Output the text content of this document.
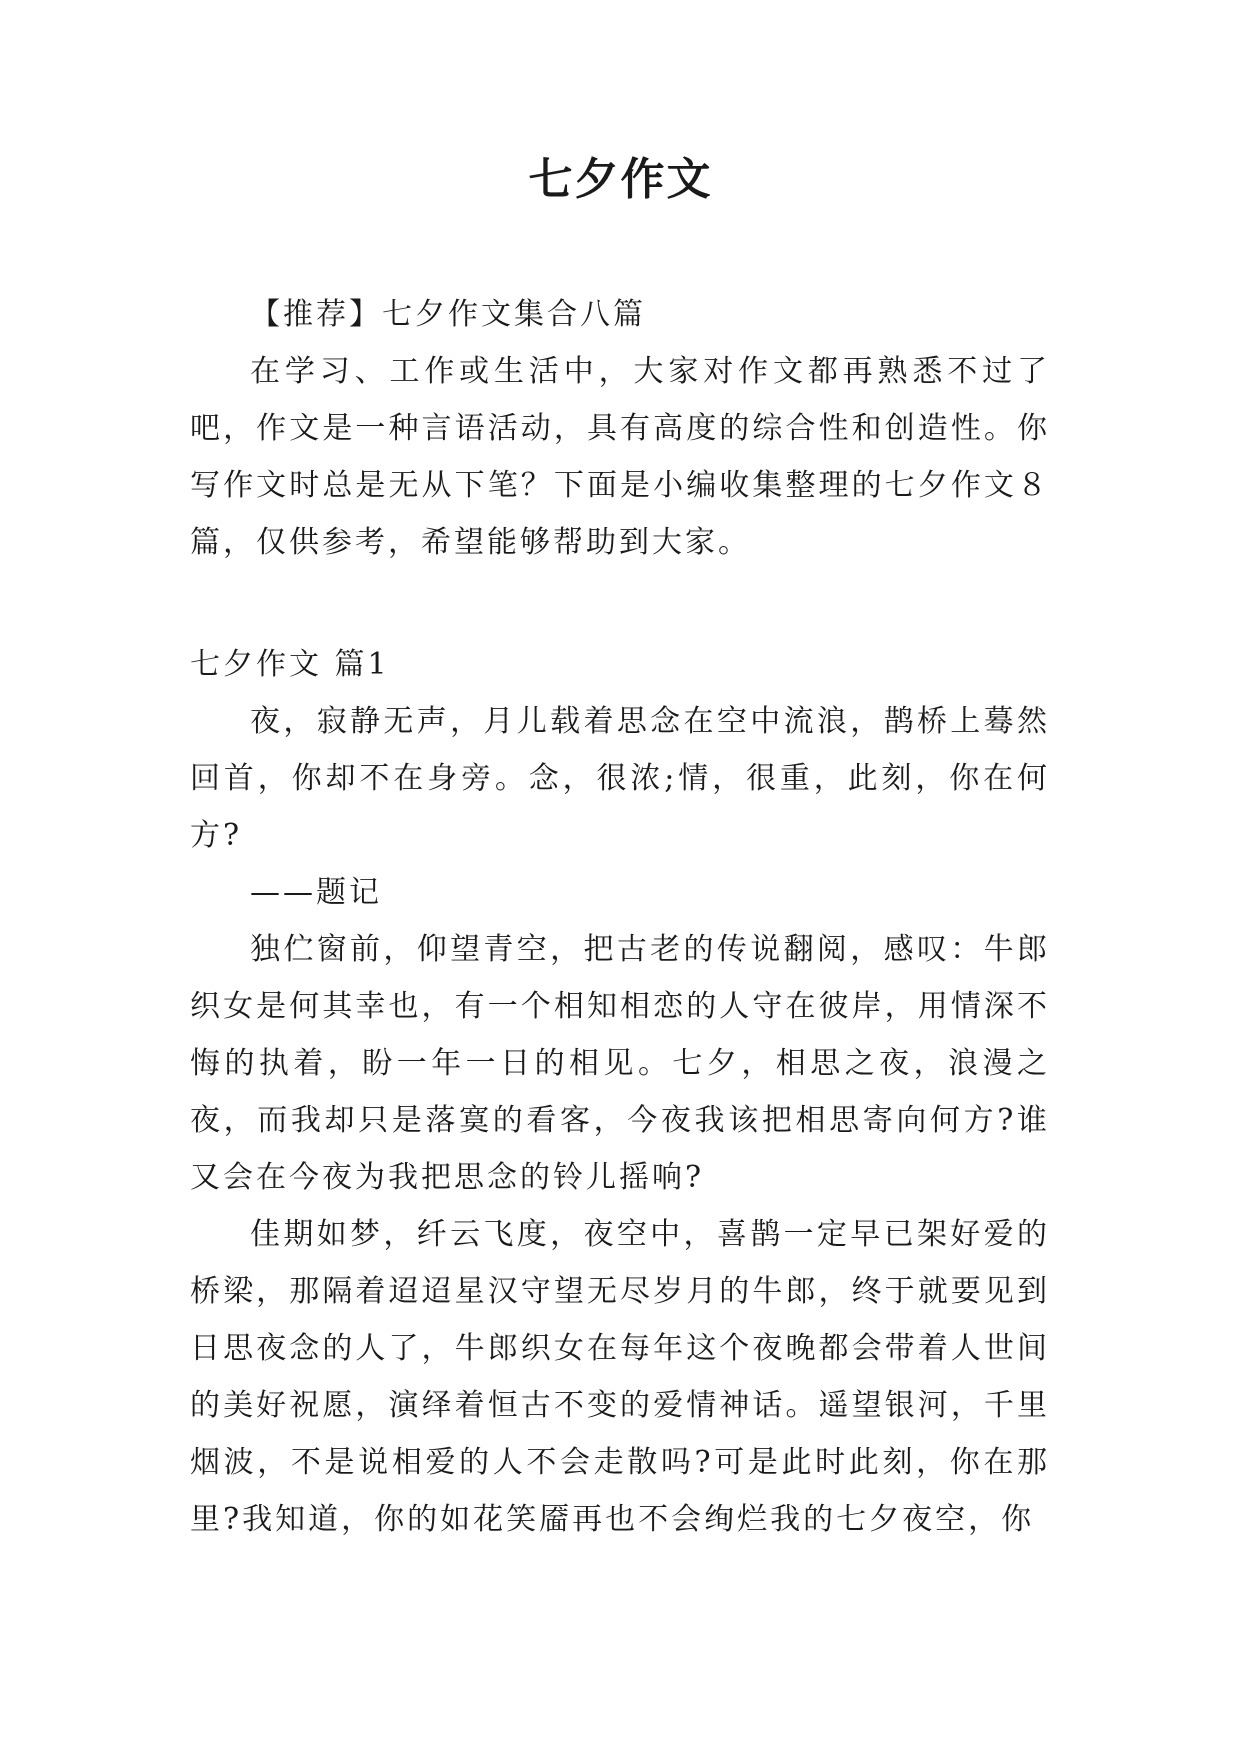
七夕作文

【推荐】七夕作文集合八篇

在学习、工作或生活中，大家对作文都再熟悉不过了吧，作文是一种言语活动，具有高度的综合性和创造性。你写作文时总是无从下笔？下面是小编收集整理的七夕作文８篇，仅供参考，希望能够帮助到大家。

七夕作文 篇1

夜，寂静无声，月儿载着思念在空中流浪，鹊桥上蓦然回首，你却不在身旁。念，很浓;情，很重，此刻，你在何方?

——题记

独伫窗前，仰望青空，把古老的传说翻阅，感叹：牛郎织女是何其幸也，有一个相知相恋的人守在彼岸，用情深不悔的执着，盼一年一日的相见。七夕，相思之夜，浪漫之夜，而我却只是落寞的看客，今夜我该把相思寄向何方?谁又会在今夜为我把思念的铃儿摇响?

佳期如梦，纤云飞度，夜空中，喜鹊一定早已架好爱的桥梁，那隔着迢迢星汉守望无尽岁月的牛郎，终于就要见到日思夜念的人了，牛郎织女在每年这个夜晚都会带着人世间的美好祝愿，演绎着恒古不变的爱情神话。遥望银河，千里烟波，不是说相爱的人不会走散吗?可是此时此刻，你在那里?我知道，你的如花笑靥再也不会绚烂我的七夕夜空，你
